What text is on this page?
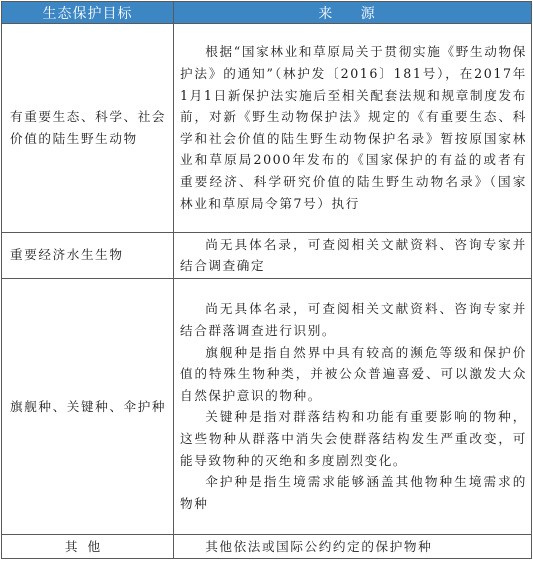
生态保护目标	来 源
有重要生态、科学、社会价值的陆生野生动物	根据“国家林业和草原局关于贯彻实施《野生动物保护法》的通知”（林护发〔2016〕181号），在2017年1月1日新保护法实施后至相关配套法规和规章制度发布前，对新《野生动物保护法》规定的《有重要生态、科学和社会价值的陆生野生动物保护名录》暂按原国家林业和草原局2000年发布的《国家保护的有益的或者有重要经济、科学研究价值的陆生野生动物名录》（国家林业和草原局令第7号）执行

重要经济水生生物	尚无具体名录，可查阅相关文献资料、咨询专家并结合调查确定

旗舰种、关键种、伞护种	尚无具体名录，可查阅相关文献资料、咨询专家并结合群落调查进行识别。

旗舰种是指自然界中具有较高的濒危等级和保护价值的特殊生物种类，并被公众普遍喜爱、可以激发大众自然保护意识的物种。

关键种是指对群落结构和功能有重要影响的物种，这些物种从群落中消失会使群落结构发生严重改变，可能导致物种的灭绝和多度剧烈变化。

伞护种是指生境需求能够涵盖其他物种生境需求的物种

其他	其他依法或国际公约约定的保护物种
